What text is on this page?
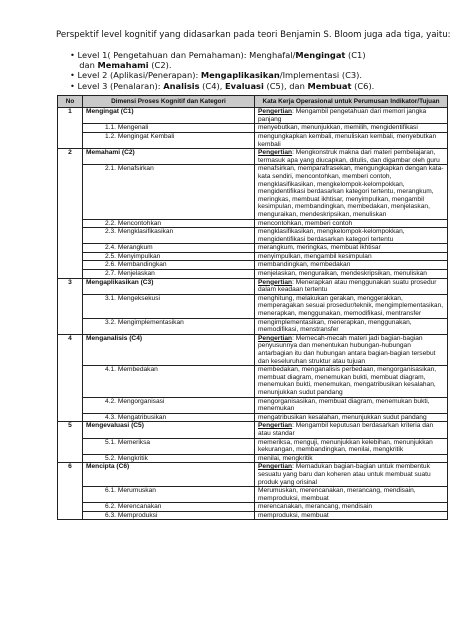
Perspektif level kognitif yang didasarkan pada teori Benjamin S. Bloom juga ada tiga, yaitu:
• Level 1( Pengetahuan dan Pemahaman): Menghafal/Mengingat (C1)
dan Memahami (C2).
• Level 2 (Aplikasi/Penerapan): Mengaplikasikan/Implementasi (C3).
• Level 3 (Penalaran): Analisis (C4), Evaluasi (C5), dan Membuat (C6).
No	Dimensi Proses Kognitif dan Kategori	Kata Kerja Operasional untuk Perumusan Indikator/Tujuan
1	Mengingat (C1)	Pengertian: Mengambil pengetahuan dari memori jangka panjang
	1.1. Mengenali	menyebutkan, menunjukkan, memilih, mengidentifikasi
	1.2. Mengingat Kembali	mengungkapkan kembali, menuliskan kembali, menyebutkan kembali
2	Memahami (C2)	Pengertian: Mengkonstruk makna dari materi pembelajaran, termasuk apa yang diucapkan, ditulis, dan digambar oleh guru
	2.1. Menafsirkan	menafsirkan, memparafrasekan, mengungkapkan dengan kata-kata sendiri, mencontohkan, memberi contoh, mengklasifikasikan, mengkelompok-kelompokkan, mengidentifikasi berdasarkan kategori tertentu, merangkum, meringkas, membuat ikhtisar, menyimpulkan, mengambil kesimpulan, membandingkan, membedakan, menjelaskan, menguraikan, mendeskripsikan, menuliskan
	2.2. Mencontohkan	mencontohkan, memberi contoh
	2.3. Mengklasifikasikan	mengklasifikasikan, mengkelompok-kelompokkan, mengidentifikasi berdasarkan kategori tertentu
	2.4. Merangkum	merangkum, meringkas, membuat ikhtisar
	2.5. Menyimpulkan	menyimpulkan, mengambil kesimpulan
	2.6. Membandingkan	membandingkan, membedakan
	2.7. Menjelaskan	menjelaskan, menguraikan, mendeskripsikan, menuliskan
3	Mengaplikasikan (C3)	Pengertian: Menerapkan atau menggunakan suatu prosedur dalam keadaan tertentu
	3.1. Mengeksekusi	menghitung, melakukan gerakan, menggerakkan, memperagakan sesuai prosedur/teknik, mengimplementasikan, menerapkan, menggunakan, memodifikasi, mentransfer
	3.2. Mengimplementasikan	mengimplementasikan, menerapkan, menggunakan, memodifikasi, menstransfer
4	Menganalisis (C4)	Pengertian: Memecah-mecah materi jadi bagian-bagian penyusunnya dan menentukan hubungan-hubungan antarbagian itu dan hubungan antara bagian-bagian tersebut dan keseluruhan struktur atau tujuan
	4.1. Membedakan	membedakan, menganalisis perbedaan, mengorganisasikan, membuat diagram, menemukan bukti, membuat diagram, menemukan bukti, menemukan, mengatribusikan kesalahan, menunjukkan sudut pandang
	4.2. Mengorganisasi	mengorganisasikan, membuat diagram, menemukan bukti, menemukan
	4.3. Mengatribusikan	mengatribusikan kesalahan, menunjukkan sudut pandang
5	Mengevaluasi (C5)	Pengertian: Mengambil keputusan berdasarkan kriteria dan atau standar
	5.1. Memeriksa	memeriksa, menguji, menunjukkan kelebihan, menunjukkan kekurangan, membandingkan, menilai, mengkritik
	5.2. Mengkritik	menilai, mengkritik
6	Mencipta (C6)	Pengertian: Memadukan bagian-bagian untuk membentuk sesuatu yang baru dan koheren atau untuk membuat suatu produk yang orisinal
	6.1. Merumuskan	Merumuskan, merencanakan, merancang, mendisain, memproduksi, membuat
	6.2. Merencanakan	merencanakan, merancang, mendisain
	6.3. Memproduksi	memproduksi, membuat
